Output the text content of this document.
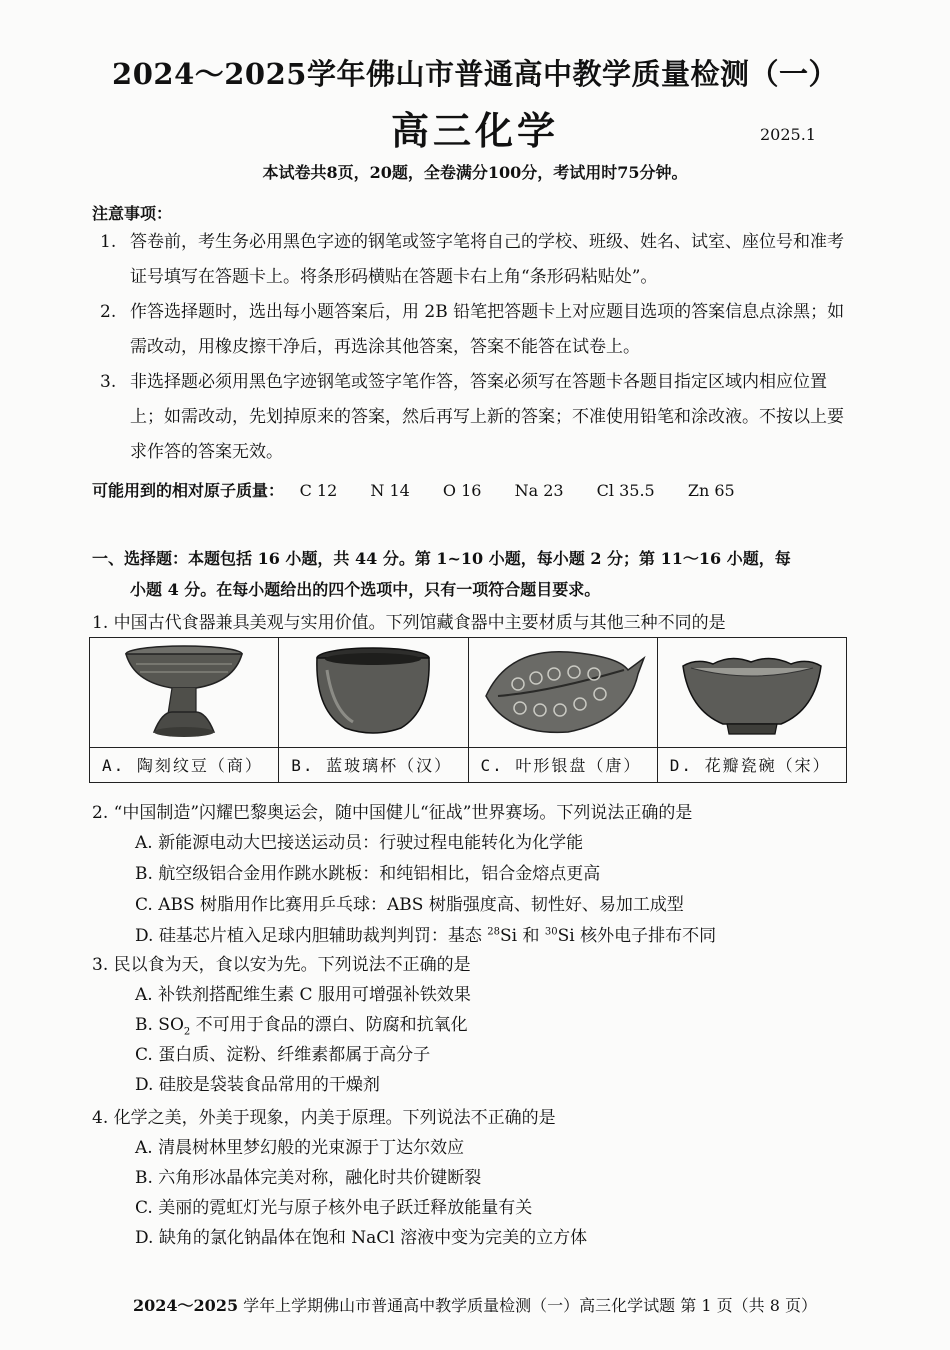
2024～2025学年佛山市普通高中教学质量检测（一）
高三化学	2025.1
本试卷共8页，20题，全卷满分100分，考试用时75分钟。
注意事项：
1. 答卷前，考生务必用黑色字迹的钢笔或签字笔将自己的学校、班级、姓名、试室、座位号和准考证号填写在答题卡上。将条形码横贴在答题卡右上角“条形码粘贴处”。
2. 作答选择题时，选出每小题答案后，用 2B 铅笔把答题卡上对应题目选项的答案信息点涂黑；如需改动，用橡皮擦干净后，再选涂其他答案，答案不能答在试卷上。
3. 非选择题必须用黑色字迹钢笔或签字笔作答，答案必须写在答题卡各题目指定区域内相应位置上；如需改动，先划掉原来的答案，然后再写上新的答案；不准使用铅笔和涂改液。不按以上要求作答的答案无效。
可能用到的相对原子质量： C 12 N 14 O 16 Na 23 Cl 35.5 Zn 65
一、选择题：本题包括 16 小题，共 44 分。第 1~10 小题，每小题 2 分；第 11～16 小题，每
小题 4 分。在每小题给出的四个选项中，只有一项符合题目要求。
1. 中国古代食器兼具美观与实用价值。下列馆藏食器中主要材质与其他三种不同的是

A. 陶刻纹豆（商）	B. 蓝玻璃杯（汉）	C. 叶形银盘（唐）	D. 花瓣瓷碗（宋）
2. “中国制造”闪耀巴黎奥运会，随中国健儿“征战”世界赛场。下列说法正确的是
A. 新能源电动大巴接送运动员：行驶过程电能转化为化学能
B. 航空级铝合金用作跳水跳板：和纯铝相比，铝合金熔点更高
C. ABS 树脂用作比赛用乒乓球：ABS 树脂强度高、韧性好、易加工成型
D. 硅基芯片植入足球内胆辅助裁判判罚：基态 $^{28}$Si 和 $^{30}$Si 核外电子排布不同
3. 民以食为天，食以安为先。下列说法不正确的是
A. 补铁剂搭配维生素 C 服用可增强补铁效果
B. $SO_2$ 不可用于食品的漂白、防腐和抗氧化
C. 蛋白质、淀粉、纤维素都属于高分子
D. 硅胶是袋装食品常用的干燥剂
4. 化学之美，外美于现象，内美于原理。下列说法不正确的是
A. 清晨树林里梦幻般的光束源于丁达尔效应
B. 六角形冰晶体完美对称，融化时共价键断裂
C. 美丽的霓虹灯光与原子核外电子跃迁释放能量有关
D. 缺角的氯化钠晶体在饱和 NaCl 溶液中变为完美的立方体
2024～2025 学年上学期佛山市普通高中教学质量检测（一）高三化学试题 第 1 页（共 8 页）
